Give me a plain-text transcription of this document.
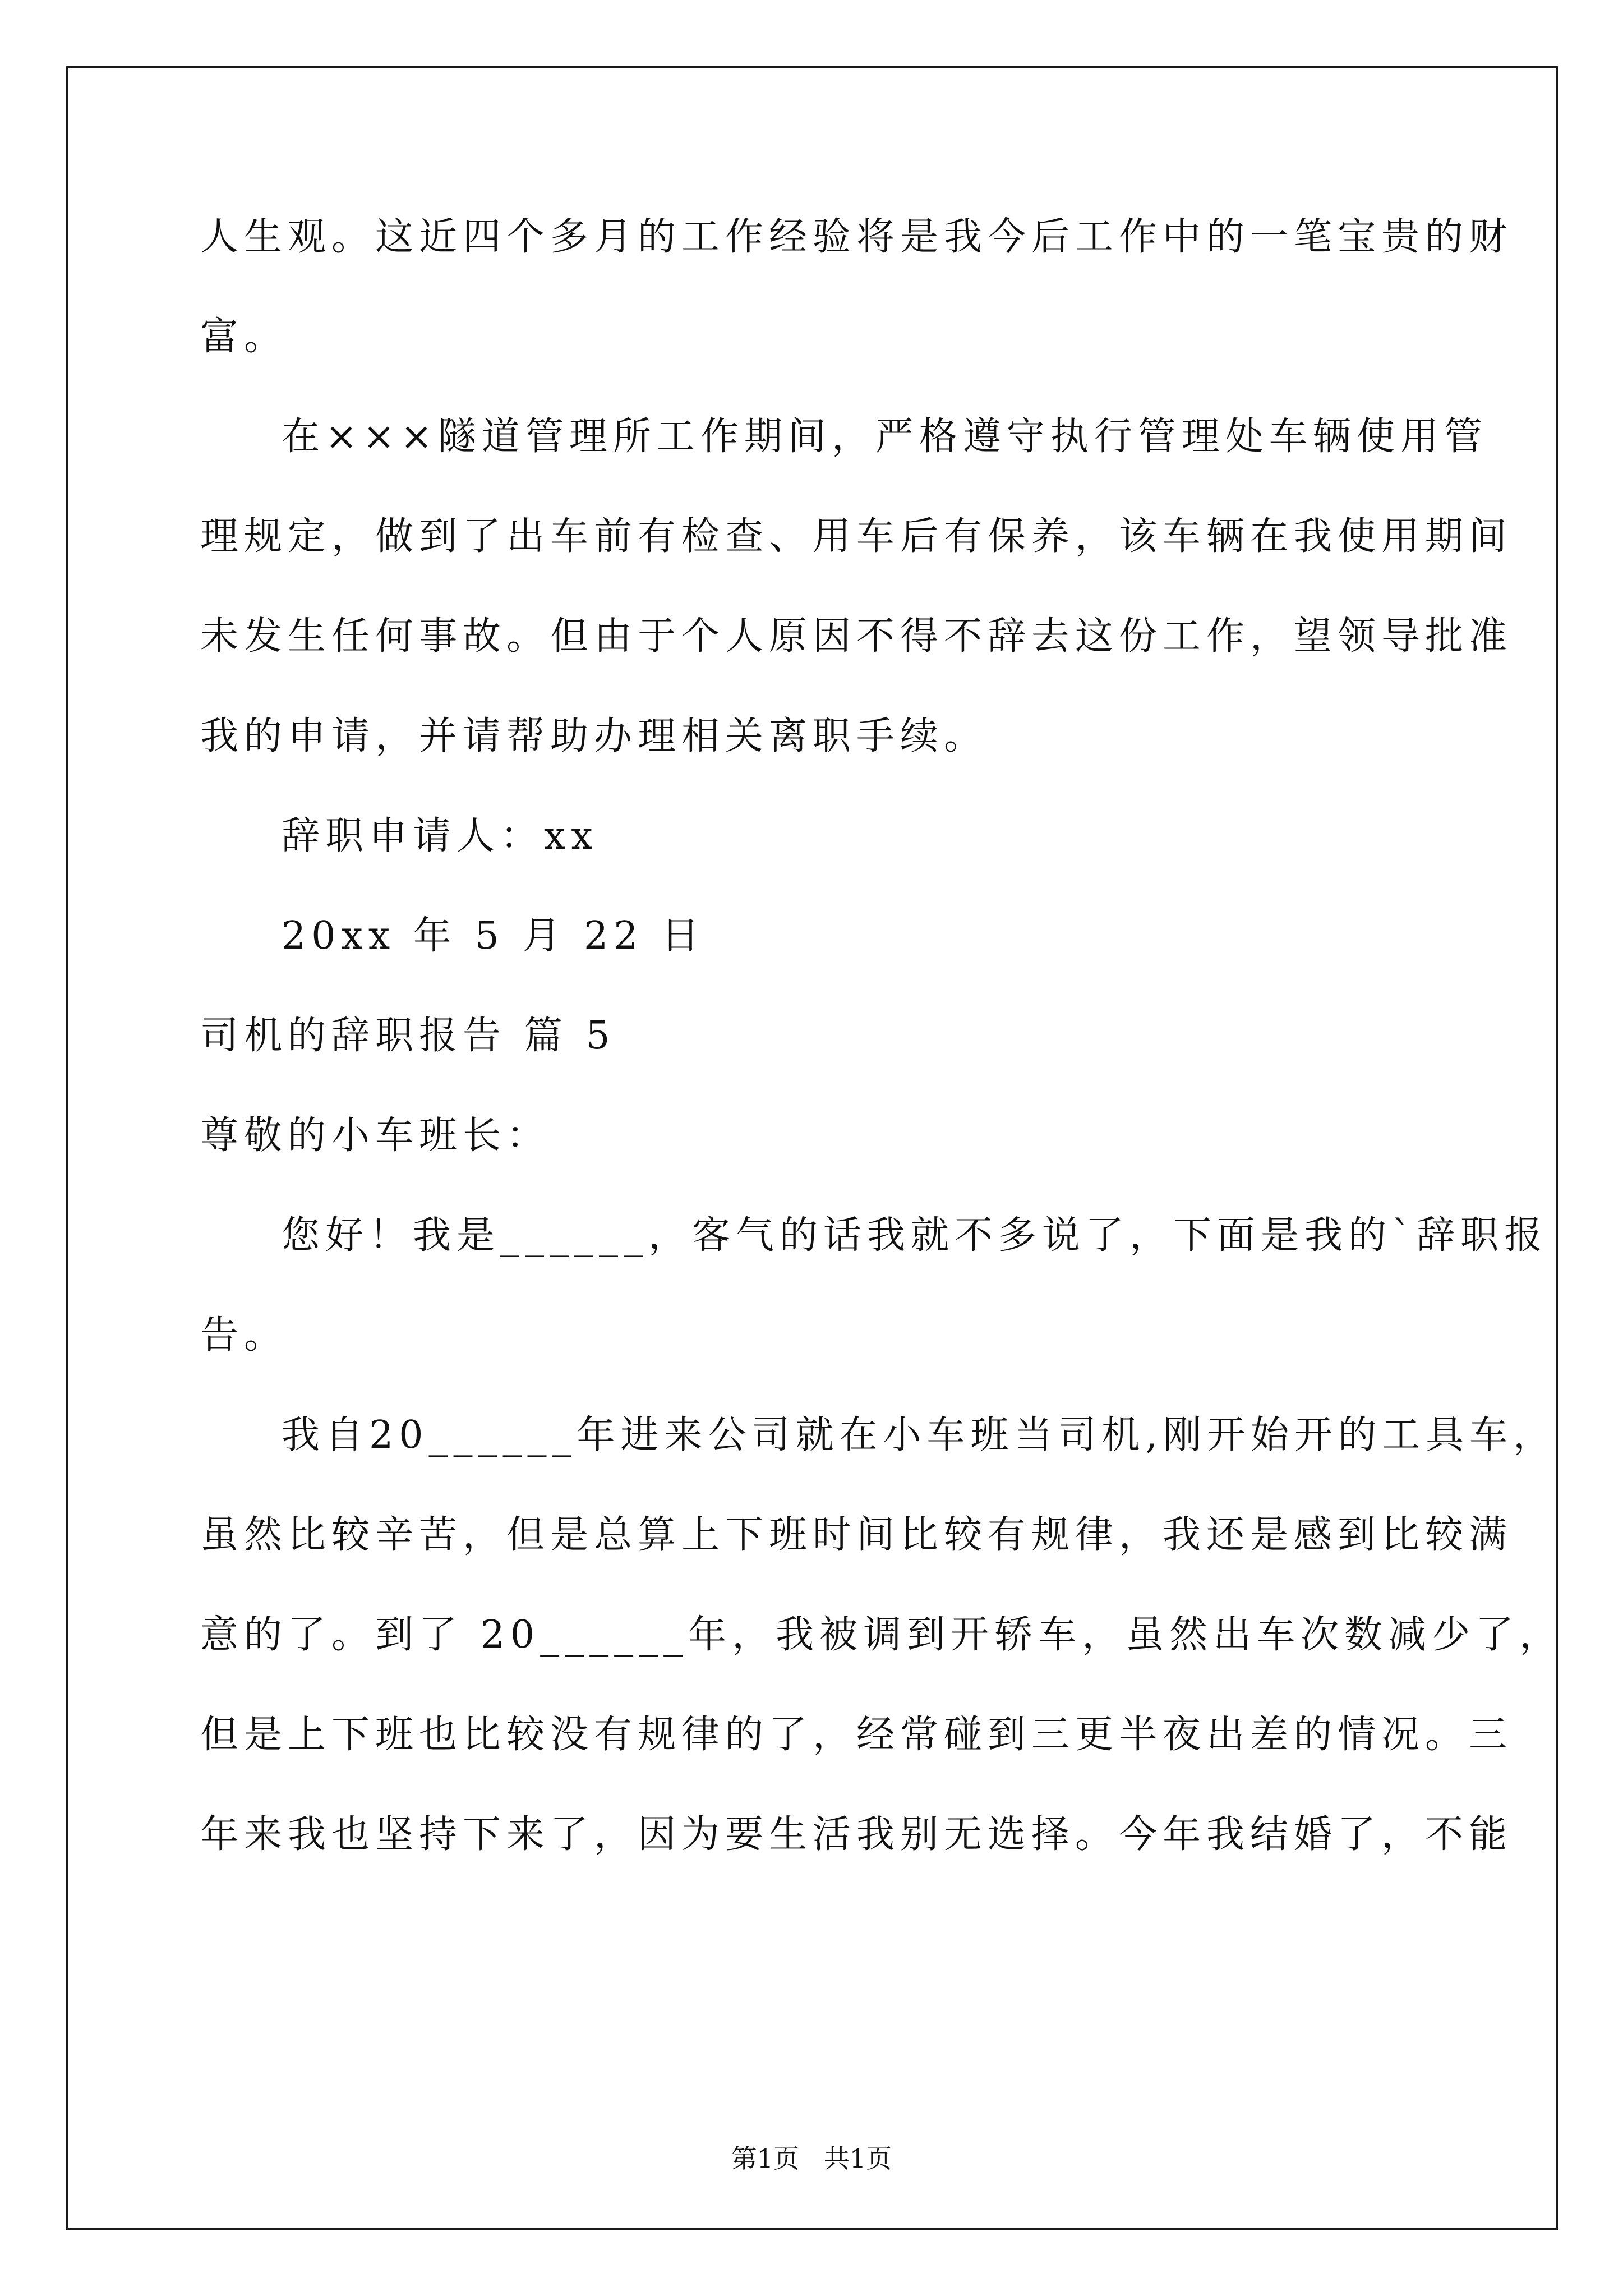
人生观。这近四个多月的工作经验将是我今后工作中的一笔宝贵的财
富。
在×××隧道管理所工作期间，严格遵守执行管理处车辆使用管
理规定，做到了出车前有检查、用车后有保养，该车辆在我使用期间
未发生任何事故。但由于个人原因不得不辞去这份工作，望领导批准
我的申请，并请帮助办理相关离职手续。
辞职申请人：xx
20xx 年 5 月 22 日
司机的辞职报告 篇 5
尊敬的小车班长：
您好！我是______，客气的话我就不多说了，下面是我的`辞职报
告。
我自20______年进来公司就在小车班当司机,刚开始开的工具车，
虽然比较辛苦，但是总算上下班时间比较有规律，我还是感到比较满
意的了。到了 20______年，我被调到开轿车，虽然出车次数减少了，
但是上下班也比较没有规律的了，经常碰到三更半夜出差的情况。三
年来我也坚持下来了，因为要生活我别无选择。今年我结婚了，不能
第1页   共1页
